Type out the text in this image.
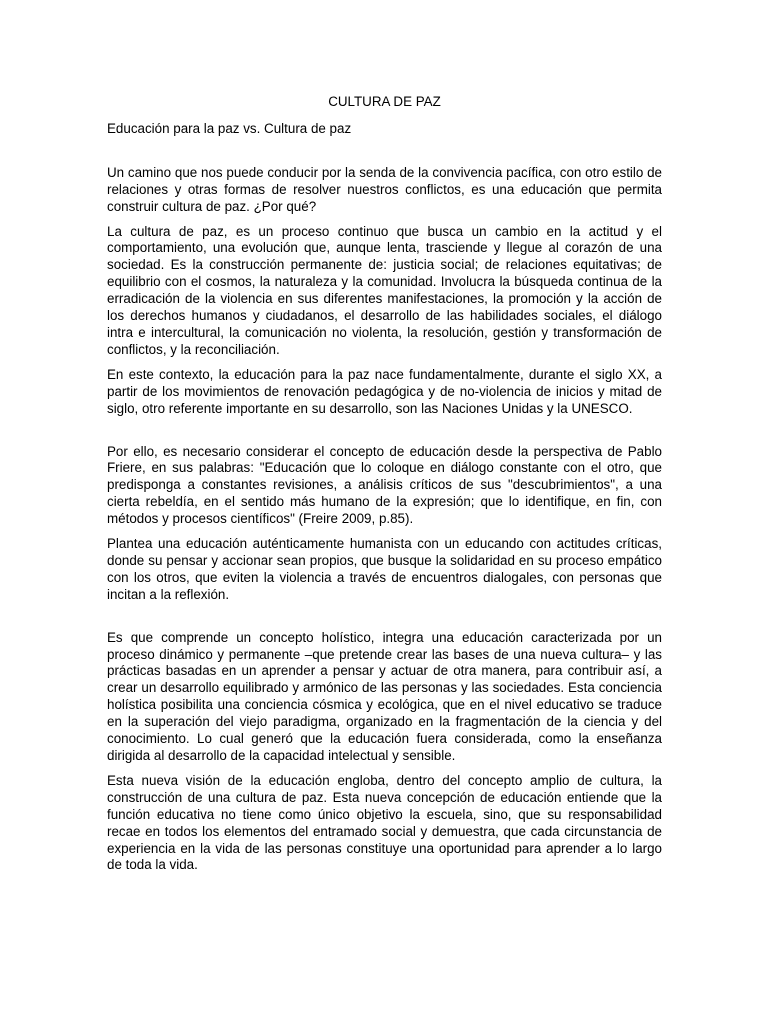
CULTURA DE PAZ

Educación para la paz vs. Cultura de paz

Un camino que nos puede conducir por la senda de la convivencia pacífica, con otro estilo de relaciones y otras formas de resolver nuestros conflictos, es una educación que permita construir cultura de paz. ¿Por qué?

La cultura de paz, es un proceso continuo que busca un cambio en la actitud y el comportamiento, una evolución que, aunque lenta, trasciende y llegue al corazón de una sociedad. Es la construcción permanente de: justicia social; de relaciones equitativas; de equilibrio con el cosmos, la naturaleza y la comunidad. Involucra la búsqueda continua de la erradicación de la violencia en sus diferentes manifestaciones, la promoción y la acción de los derechos humanos y ciudadanos, el desarrollo de las habilidades sociales, el diálogo intra e intercultural, la comunicación no violenta, la resolución, gestión y transformación de conflictos, y la reconciliación.

En este contexto, la educación para la paz nace fundamentalmente, durante el siglo XX, a partir de los movimientos de renovación pedagógica y de no-violencia de inicios y mitad de siglo, otro referente importante en su desarrollo, son las Naciones Unidas y la UNESCO.

Por ello, es necesario considerar el concepto de educación desde la perspectiva de Pablo Friere, en sus palabras: "Educación que lo coloque en diálogo constante con el otro, que predisponga a constantes revisiones, a análisis críticos de sus "descubrimientos", a una cierta rebeldía, en el sentido más humano de la expresión; que lo identifique, en fin, con métodos y procesos científicos" (Freire 2009, p.85).

Plantea una educación auténticamente humanista con un educando con actitudes críticas, donde su pensar y accionar sean propios, que busque la solidaridad en su proceso empático con los otros, que eviten la violencia a través de encuentros dialogales, con personas que incitan a la reflexión.

Es que comprende un concepto holístico, integra una educación caracterizada por un proceso dinámico y permanente –que pretende crear las bases de una nueva cultura– y las prácticas basadas en un aprender a pensar y actuar de otra manera, para contribuir así, a crear un desarrollo equilibrado y armónico de las personas y las sociedades. Esta conciencia holística posibilita una conciencia cósmica y ecológica, que en el nivel educativo se traduce en la superación del viejo paradigma, organizado en la fragmentación de la ciencia y del conocimiento. Lo cual generó que la educación fuera considerada, como la enseñanza dirigida al desarrollo de la capacidad intelectual y sensible.

Esta nueva visión de la educación engloba, dentro del concepto amplio de cultura, la construcción de una cultura de paz. Esta nueva concepción de educación entiende que la función educativa no tiene como único objetivo la escuela, sino, que su responsabilidad recae en todos los elementos del entramado social y demuestra, que cada circunstancia de experiencia en la vida de las personas constituye una oportunidad para aprender a lo largo de toda la vida.
